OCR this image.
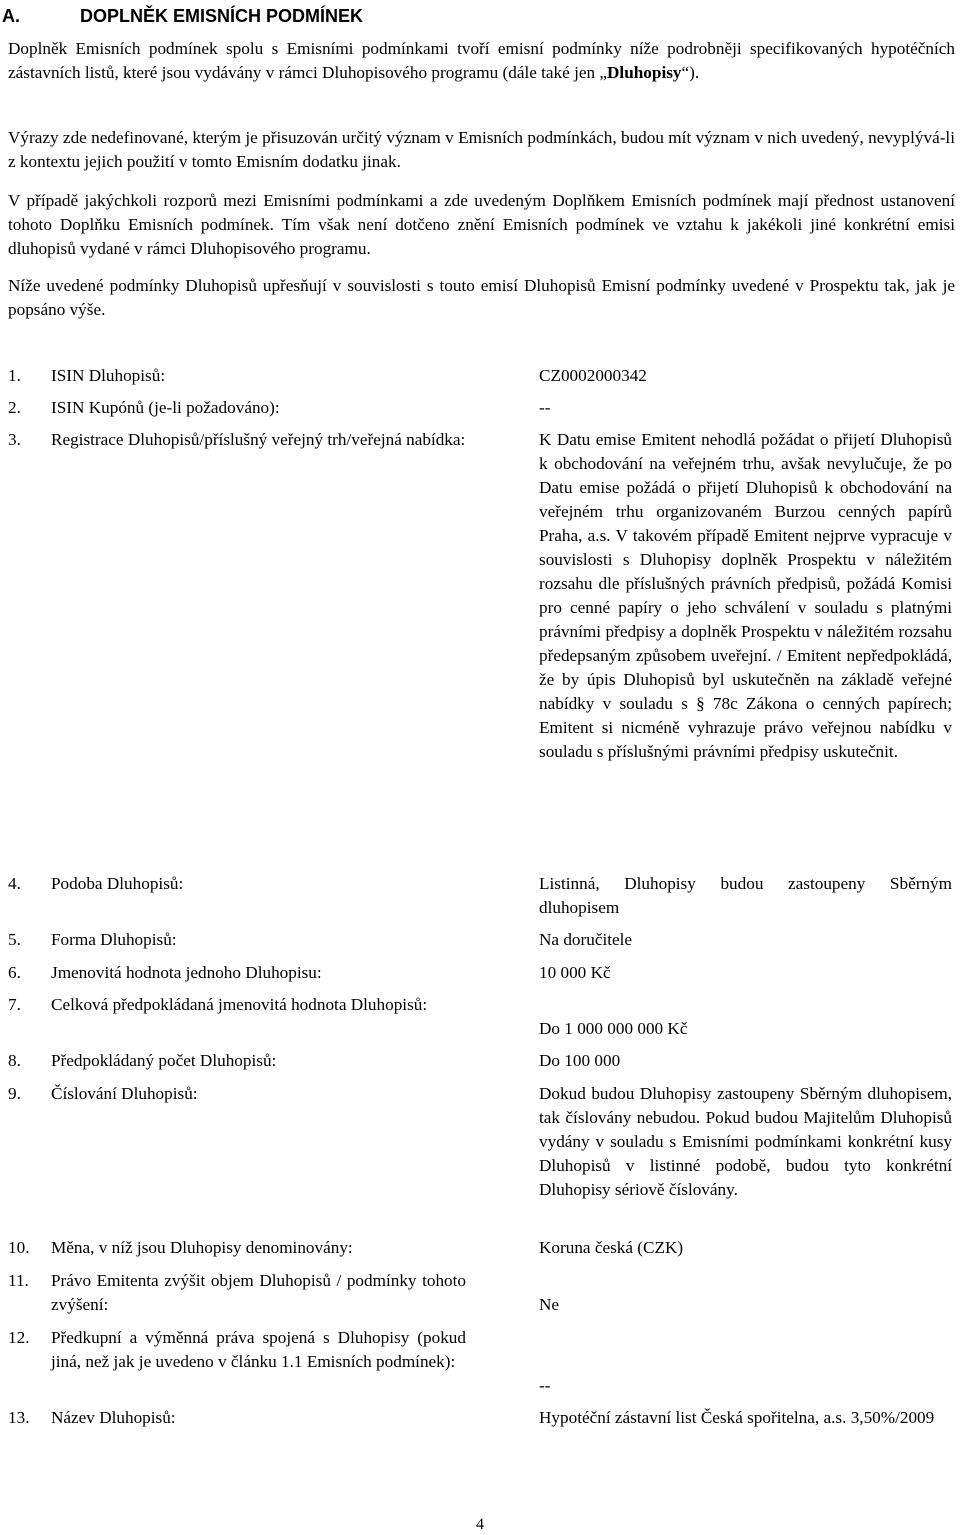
A.	DOPLNĚK EMISNÍCH PODMÍNEK
Doplněk Emisních podmínek spolu s Emisními podmínkami tvoří emisní podmínky níže podrobněji specifikovaných hypotéčních zástavních listů, které jsou vydávány v rámci Dluhopisového programu (dále také jen „Dluhopisy“).
Výrazy zde nedefinované, kterým je přisuzován určitý význam v Emisních podmínkách, budou mít význam v nich uvedený, nevyplývá-li z kontextu jejich použití v tomto Emisním dodatku jinak.
V případě jakýchkoli rozporů mezi Emisními podmínkami a zde uvedeným Doplňkem Emisních podmínek mají přednost ustanovení tohoto Doplňku Emisních podmínek. Tím však není dotčeno znění Emisních podmínek ve vztahu k jakékoli jiné konkrétní emisi dluhopisů vydané v rámci Dluhopisového programu.
Níže uvedené podmínky Dluhopisů upřesňují v souvislosti s touto emisí Dluhopisů Emisní podmínky uvedené v Prospektu tak, jak je popsáno výše.
1. ISIN Dluhopisů:	CZ0002000342
2. ISIN Kupónů (je-li požadováno):	--
3. Registrace Dluhopisů/příslušný veřejný trh/veřejná nabídka:	K Datu emise Emitent nehodlá požádat o přijetí Dluhopisů k obchodování na veřejném trhu, avšak nevylučuje, že po Datu emise požádá o přijetí Dluhopisů k obchodování na veřejném trhu organizovaném Burzou cenných papírů Praha, a.s. V takovém případě Emitent nejprve vypracuje v souvislosti s Dluhopisy doplněk Prospektu v náležitém rozsahu dle příslušných právních předpisů, požádá Komisi pro cenné papíry o jeho schválení v souladu s platnými právními předpisy a doplněk Prospektu v náležitém rozsahu předepsaným způsobem uveřejní. / Emitent nepředpokládá, že by úpis Dluhopisů byl uskutečněn na základě veřejné nabídky v souladu s § 78c Zákona o cenných papírech; Emitent si nicméně vyhrazuje právo veřejnou nabídku v souladu s příslušnými právními předpisy uskutečnit.
4. Podoba Dluhopisů:	Listinná, Dluhopisy budou zastoupeny Sběrným dluhopisem
5. Forma Dluhopisů:	Na doručitele
6. Jmenovitá hodnota jednoho Dluhopisu:	10 000 Kč
7. Celková předpokládaná jmenovitá hodnota Dluhopisů:
Do 1 000 000 000 Kč
8. Předpokládaný počet Dluhopisů:	Do 100 000
9. Číslování Dluhopisů:	Dokud budou Dluhopisy zastoupeny Sběrným dluhopisem, tak číslovány nebudou. Pokud budou Majitelům Dluhopisů vydány v souladu s Emisními podmínkami konkrétní kusy Dluhopisů v listinné podobě, budou tyto konkrétní Dluhopisy sériově číslovány.
10. Měna, v níž jsou Dluhopisy denominovány:	Koruna česká (CZK)
11. Právo Emitenta zvýšit objem Dluhopisů / podmínky tohoto zvýšení:	Ne
12. Předkupní a výměnná práva spojená s Dluhopisy (pokud jiná, než jak je uvedeno v článku 1.1 Emisních podmínek):
--
13. Název Dluhopisů:	Hypotéční zástavní list Česká spořitelna, a.s. 3,50%/2009
4
